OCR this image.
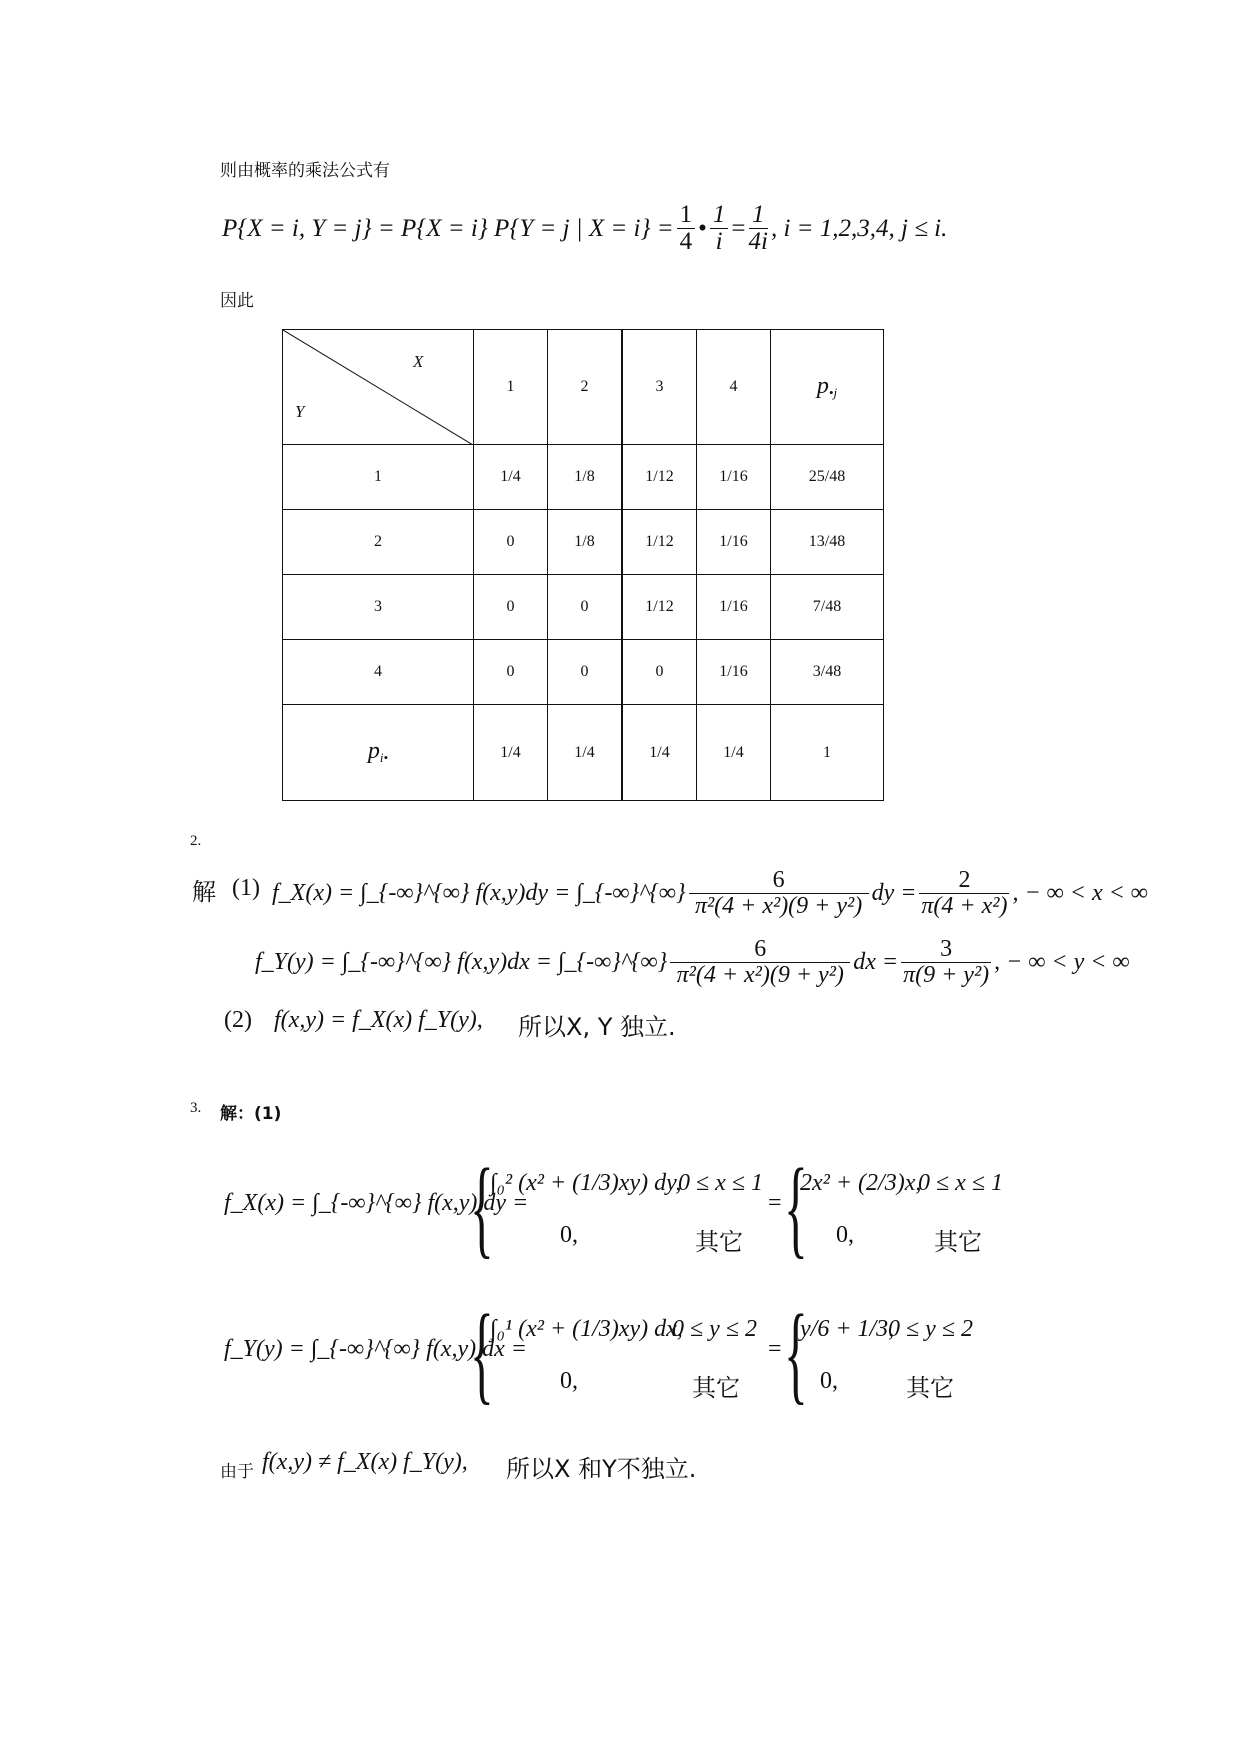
则由概率的乘法公式有
P{X = i, Y = j} = P{X = i} P{Y = j | $X = i\} = \frac{1}{4}$ • $\frac{1}{i} = \frac{1}{4i}$ , i = 1,2,3,4, j ≤ i.
因此
X
Y	1	2	3	4	$p_{•j}$
1	1/4	1/8	1/12	1/16	25/48
2	0	1/8	1/12	1/16	13/48
3	0	0	1/12	1/16	7/48
4	0	0	0	1/16	3/48
$p_{i•}$	1/4	1/4	1/4	1/4	1
2.
解 (1) f_X(x) = ∫_{-∞}^{∞} f(x,y)dy = ∫_{-∞}^{∞} $\frac{6}{\text{π²(4 + x²)(9 + y²)}}$ dy = $\frac{2}{\text{π(4 + x²)}}$ , − ∞ < x < ∞
f_Y(y) = ∫_{-∞}^{∞} f(x,y)dx = ∫_{-∞}^{∞} $\frac{6}{\text{π²(4 + x²)(9 + y²)}}$ dx = $\frac{3}{\text{π(9 + y²)}}$ , − ∞ < y < ∞
(2) f(x,y) = f_X(x) f_Y(y), 所以X, Y 独立.
3. 解：(1)
f_X(x) = ∫_{-∞}^{∞} f(x,y) dy =
{
∫₀² (x² + (1/3)xy) dy,
0 ≤ x ≤ 1
0,	其它
= {
2x² + (2/3)x,
0 ≤ x ≤ 1
0,	其它
f_Y(y) = ∫_{-∞}^{∞} f(x,y) dx =
{
∫₀¹ (x² + (1/3)xy) dx,
0 ≤ y ≤ 2
0,	其它
= {
y/6 + 1/3,
0 ≤ y ≤ 2
0,	其它
由于 f(x,y) ≠ f_X(x) f_Y(y), 所以X 和Y不独立.
